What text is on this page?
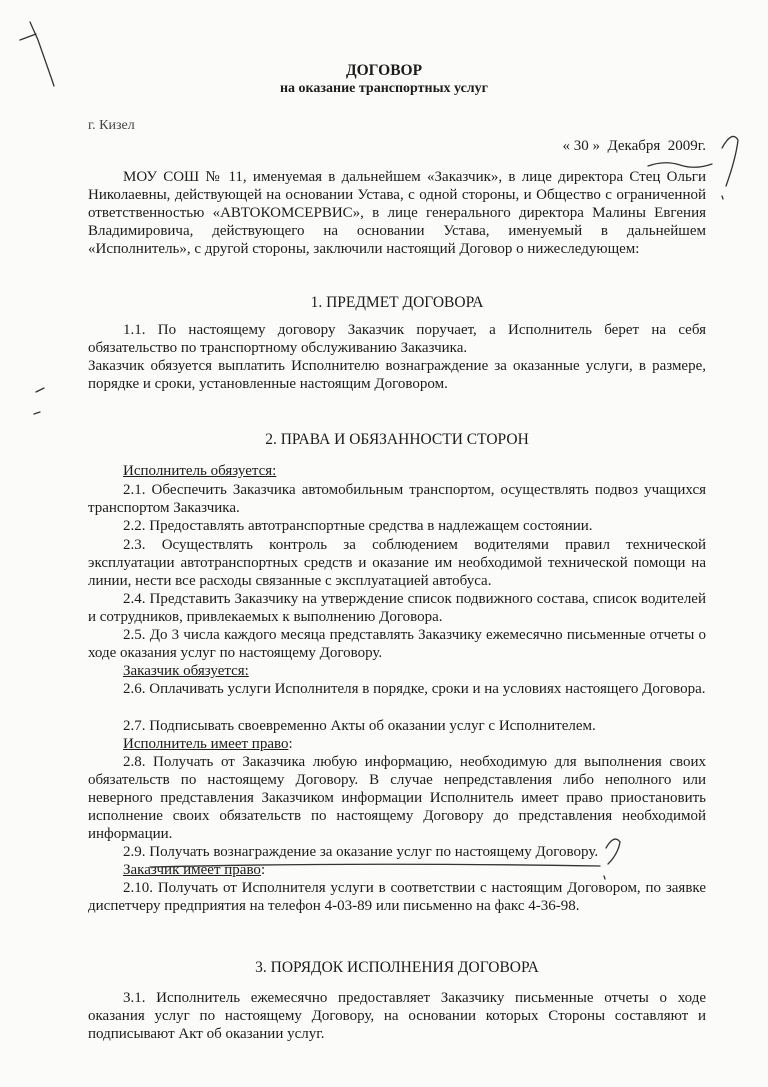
ДОГОВОР
на оказание транспортных услуг
г. Кизел
« 30 »  Декабря  2009г.
МОУ СОШ № 11, именуемая в дальнейшем «Заказчик», в лице директора Стец Ольги Николаевны, действующей на основании Устава, с одной стороны, и Общество с ограниченной ответственностью «АВТОКОМСЕРВИС», в лице генерального директора Малины Евгения Владимировича, действующего на основании Устава, именуемый в дальнейшем «Исполнитель», с другой стороны, заключили настоящий Договор о нижеследующем:
1. ПРЕДМЕТ ДОГОВОРА
1.1. По настоящему договору Заказчик поручает, а Исполнитель берет на себя обязательство по транспортному обслуживанию Заказчика.
Заказчик обязуется выплатить Исполнителю вознаграждение за оказанные услуги, в размере, порядке и сроки, установленные настоящим Договором.
2. ПРАВА И ОБЯЗАННОСТИ СТОРОН
Исполнитель обязуется:
2.1. Обеспечить Заказчика автомобильным транспортом, осуществлять подвоз учащихся транспортом Заказчика.
2.2. Предоставлять автотранспортные средства в надлежащем состоянии.
2.3. Осуществлять контроль за соблюдением водителями правил технической эксплуатации автотранспортных средств и оказание им необходимой технической помощи на линии, нести все расходы связанные с эксплуатацией автобуса.
2.4. Представить Заказчику на утверждение список подвижного состава, список водителей и сотрудников, привлекаемых к выполнению Договора.
2.5. До 3 числа каждого месяца представлять Заказчику ежемесячно письменные отчеты о ходе оказания услуг по настоящему Договору.
Заказчик обязуется:
2.6. Оплачивать услуги Исполнителя в порядке, сроки и на условиях настоящего Договора.
2.7. Подписывать своевременно Акты об оказании услуг с Исполнителем.
Исполнитель имеет право:
2.8. Получать от Заказчика любую информацию, необходимую для выполнения своих обязательств по настоящему Договору. В случае непредставления либо неполного или неверного представления Заказчиком информации Исполнитель имеет право приостановить исполнение своих обязательств по настоящему Договору до представления необходимой информации.
2.9. Получать вознаграждение за оказание услуг по настоящему Договору.
Заказчик имеет право:
2.10. Получать от Исполнителя услуги в соответствии с настоящим Договором, по заявке диспетчеру предприятия на телефон 4-03-89 или письменно на факс 4-36-98.
3. ПОРЯДОК ИСПОЛНЕНИЯ ДОГОВОРА
3.1. Исполнитель ежемесячно предоставляет Заказчику письменные отчеты о ходе оказания услуг по настоящему Договору, на основании которых Стороны составляют и подписывают Акт об оказании услуг.
